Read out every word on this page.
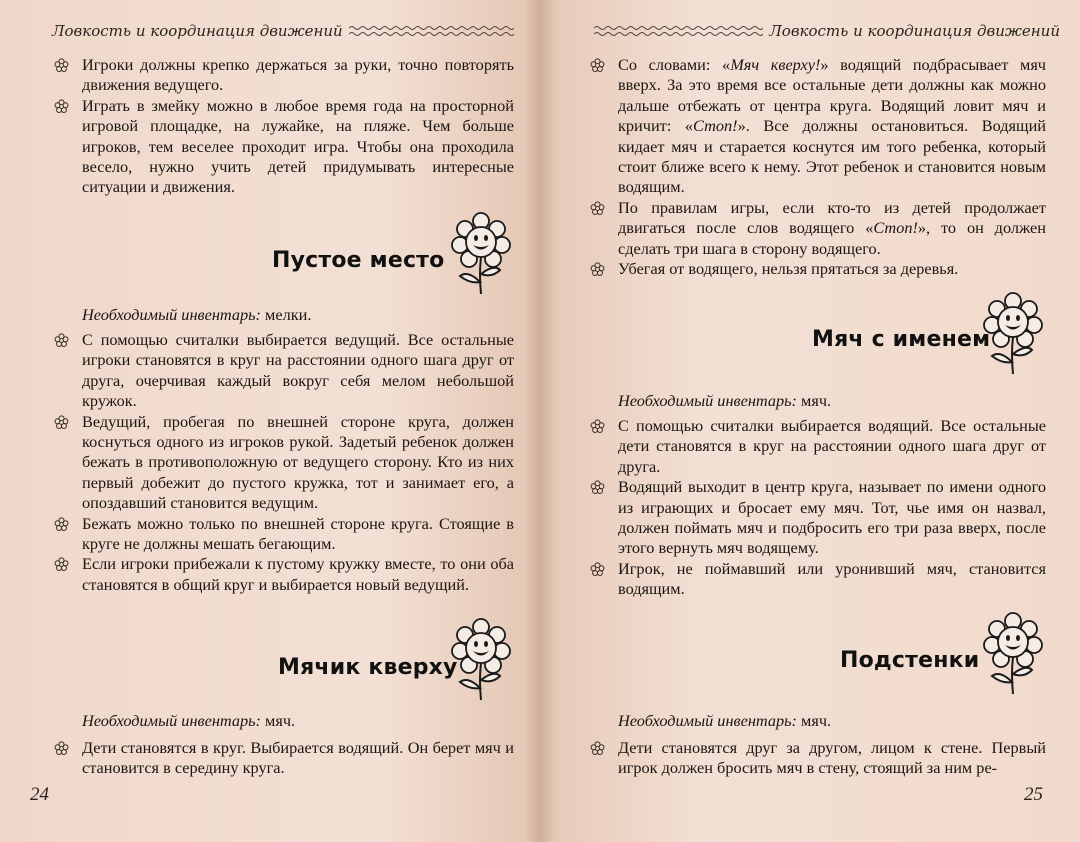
Ловкость и координация движений
Игроки должны крепко держаться за руки, точно повторять движения ведущего.
Играть в змейку можно в любое время года на просторной игровой площадке, на лужайке, на пляже. Чем больше игроков, тем веселее проходит игра. Чтобы она проходила весело, нужно учить детей придумывать интересные ситуации и движения.
Пустое место
Необходимый инвентарь: мелки.
С помощью считалки выбирается ведущий. Все остальные игроки становятся в круг на расстоянии одного шага друг от друга, очерчивая каждый вокруг себя мелом небольшой кружок.
Ведущий, пробегая по внешней стороне круга, должен коснуться одного из игроков рукой. Задетый ребенок должен бежать в противоположную от ведущего сторону. Кто из них первый добежит до пустого кружка, тот и занимает его, а опоздавший становится ведущим.
Бежать можно только по внешней стороне круга. Стоящие в круге не должны мешать бегающим.
Если игроки прибежали к пустому кружку вместе, то они оба становятся в общий круг и выбирается новый ведущий.
Мячик кверху
Необходимый инвентарь: мяч.
Дети становятся в круг. Выбирается водящий. Он берет мяч и становится в середину круга.
24
Ловкость и координация движений
Со словами: «Мяч кверху!» водящий подбрасывает мяч вверх. За это время все остальные дети должны как можно дальше отбежать от центра круга. Водящий ловит мяч и кричит: «Стоп!». Все должны остановиться. Водящий кидает мяч и старается коснутся им того ребенка, который стоит ближе всего к нему. Этот ребенок и становится новым водящим.
По правилам игры, если кто-то из детей продолжает двигаться после слов водящего «Стоп!», то он должен сделать три шага в сторону водящего.
Убегая от водящего, нельзя прятаться за деревья.
Мяч с именем
Необходимый инвентарь: мяч.
С помощью считалки выбирается водящий. Все остальные дети становятся в круг на расстоянии одного шага друг от друга.
Водящий выходит в центр круга, называет по имени одного из играющих и бросает ему мяч. Тот, чье имя он назвал, должен поймать мяч и подбросить его три раза вверх, после этого вернуть мяч водящему.
Игрок, не поймавший или уронивший мяч, становится водящим.
Подстенки
Необходимый инвентарь: мяч.
Дети становятся друг за другом, лицом к стене. Первый игрок должен бросить мяч в стену, стоящий за ним ре-
25
